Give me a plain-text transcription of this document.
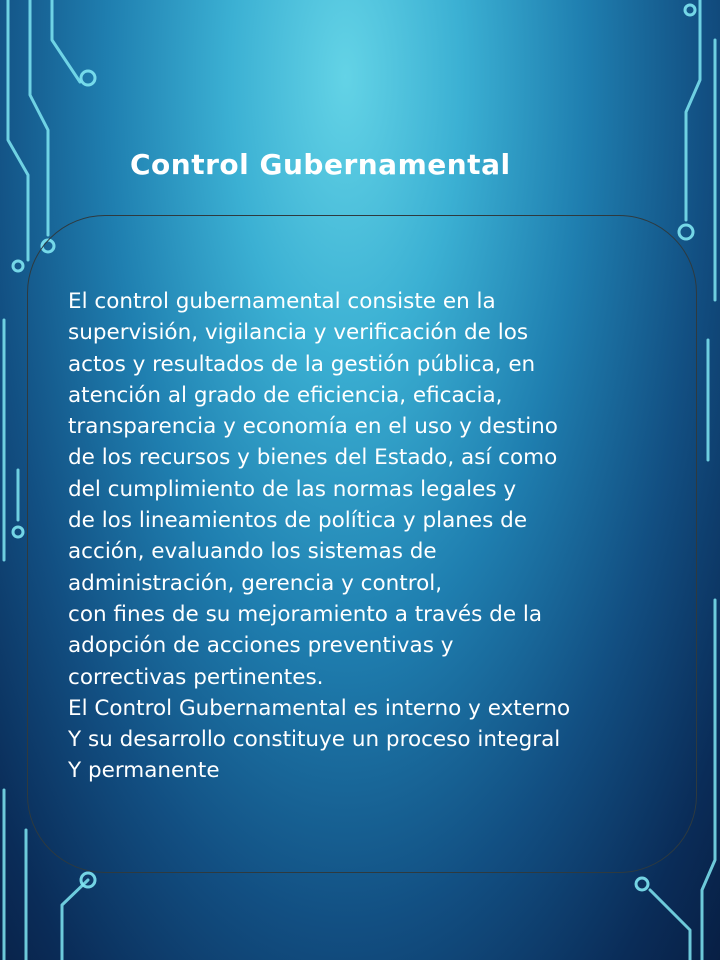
Control Gubernamental
El control gubernamental consiste en la
supervisión, vigilancia y verificación de los
actos y resultados de la gestión pública, en
atención al grado de eficiencia, eficacia,
transparencia y economía en el uso y destino
de los recursos y bienes del Estado, así como
del cumplimiento de las normas legales y
de los lineamientos de política y planes de
acción, evaluando los sistemas de
administración, gerencia y control,
con fines de su mejoramiento a través de la
adopción de acciones preventivas y
correctivas pertinentes.
El Control Gubernamental es interno y externo
Y su desarrollo constituye un proceso integral
Y permanente
